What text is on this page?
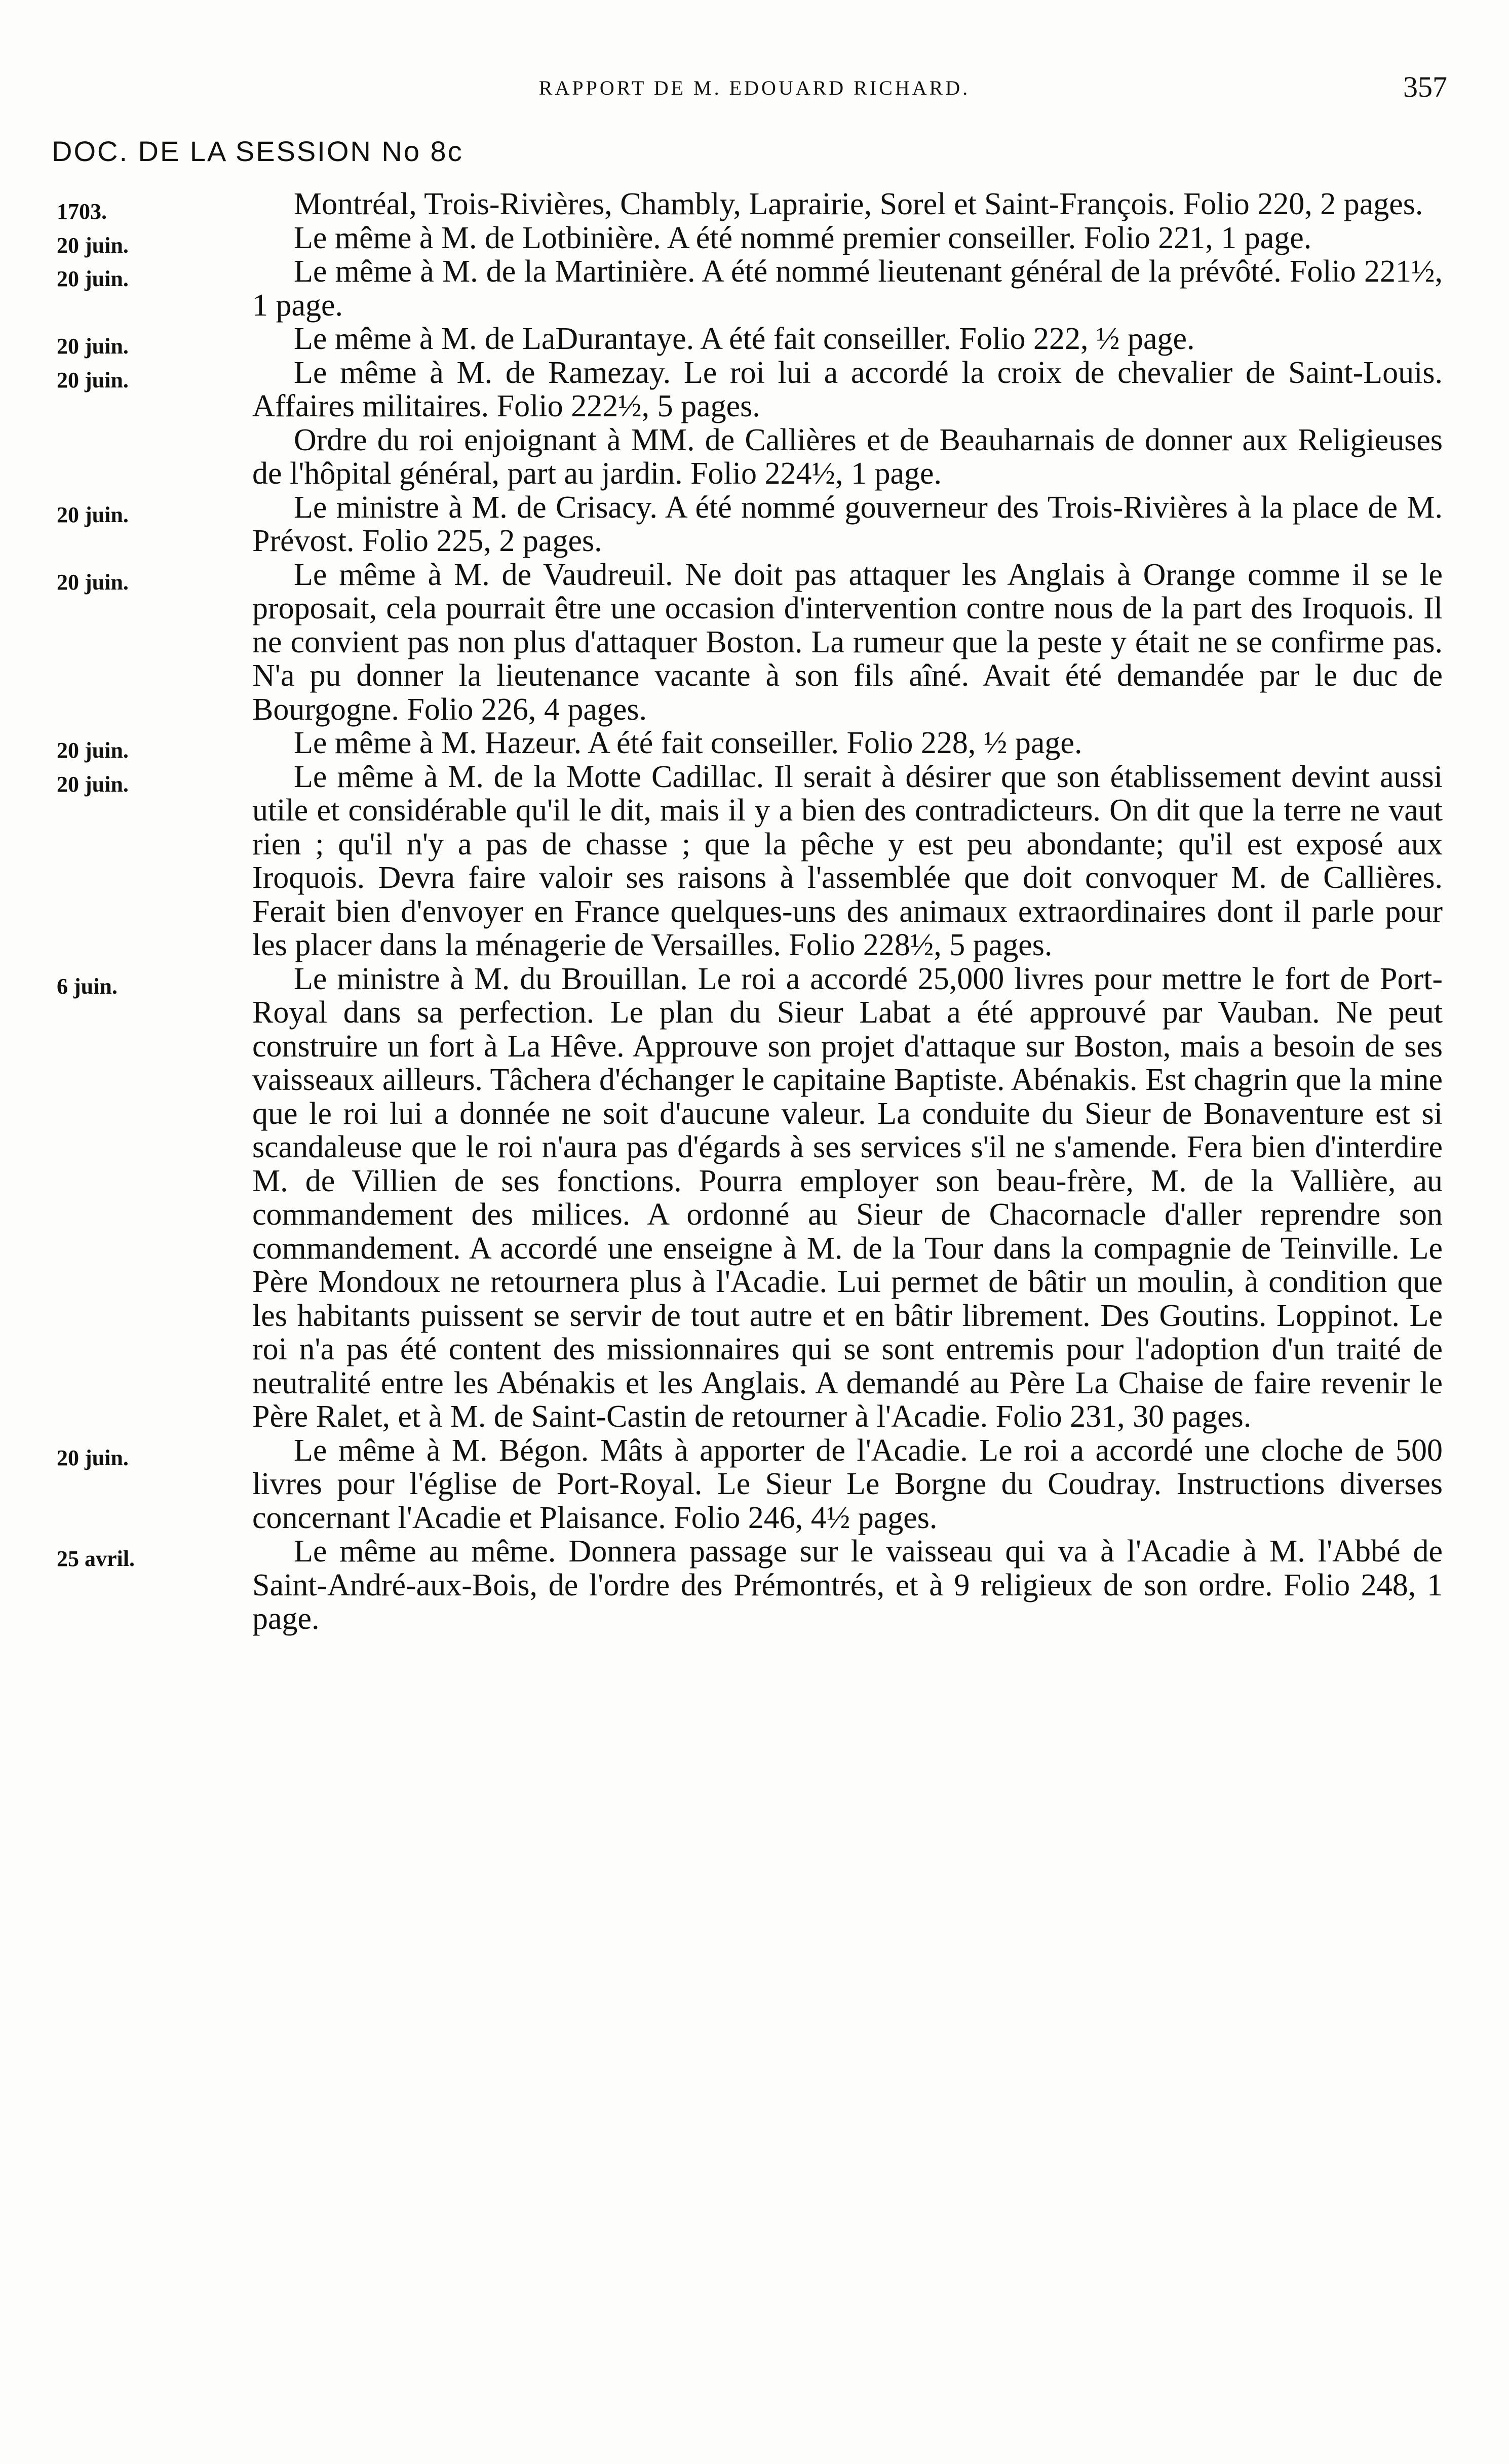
RAPPORT DE M. EDOUARD RICHARD.	357
DOC. DE LA SESSION No 8c
1703.	Montréal, Trois-Rivières, Chambly, Laprairie, Sorel et Saint-François. Folio 220, 2 pages.
20 juin.	Le même à M. de Lotbinière. A été nommé premier conseiller. Folio 221, 1 page.
20 juin.	Le même à M. de la Martinière. A été nommé lieutenant général de la prévôté. Folio 221½, 1 page.
20 juin.	Le même à M. de LaDurantaye. A été fait conseiller. Folio 222, ½ page.
20 juin.	Le même à M. de Ramezay. Le roi lui a accordé la croix de chevalier de Saint-Louis. Affaires militaires. Folio 222½, 5 pages.
Ordre du roi enjoignant à MM. de Callières et de Beauharnais de donner aux Religieuses de l'hôpital général, part au jardin. Folio 224½, 1 page.
20 juin.	Le ministre à M. de Crisacy. A été nommé gouverneur des Trois-Rivières à la place de M. Prévost. Folio 225, 2 pages.
20 juin.	Le même à M. de Vaudreuil. Ne doit pas attaquer les Anglais à Orange comme il se le proposait, cela pourrait être une occasion d'intervention contre nous de la part des Iroquois. Il ne convient pas non plus d'attaquer Boston. La rumeur que la peste y était ne se confirme pas. N'a pu donner la lieutenance vacante à son fils aîné. Avait été demandée par le duc de Bourgogne. Folio 226, 4 pages.
20 juin.	Le même à M. Hazeur. A été fait conseiller. Folio 228, ½ page.
20 juin.	Le même à M. de la Motte Cadillac. Il serait à désirer que son établissement devint aussi utile et considérable qu'il le dit, mais il y a bien des contradicteurs. On dit que la terre ne vaut rien ; qu'il n'y a pas de chasse ; que la pêche y est peu abondante; qu'il est exposé aux Iroquois. Devra faire valoir ses raisons à l'assemblée que doit convoquer M. de Callières. Ferait bien d'envoyer en France quelques-uns des animaux extraordinaires dont il parle pour les placer dans la ménagerie de Versailles. Folio 228½, 5 pages.
6 juin.	Le ministre à M. du Brouillan. Le roi a accordé 25,000 livres pour mettre le fort de Port-Royal dans sa perfection. Le plan du Sieur Labat a été approuvé par Vauban. Ne peut construire un fort à La Hêve. Approuve son projet d'attaque sur Boston, mais a besoin de ses vaisseaux ailleurs. Tâchera d'échanger le capitaine Baptiste. Abénakis. Est chagrin que la mine que le roi lui a donnée ne soit d'aucune valeur. La conduite du Sieur de Bonaventure est si scandaleuse que le roi n'aura pas d'égards à ses services s'il ne s'amende. Fera bien d'interdire M. de Villien de ses fonctions. Pourra employer son beau-frère, M. de la Vallière, au commandement des milices. A ordonné au Sieur de Chacornacle d'aller reprendre son commandement. A accordé une enseigne à M. de la Tour dans la compagnie de Teinville. Le Père Mondoux ne retournera plus à l'Acadie. Lui permet de bâtir un moulin, à condition que les habitants puissent se servir de tout autre et en bâtir librement. Des Goutins. Loppinot. Le roi n'a pas été content des missionnaires qui se sont entremis pour l'adoption d'un traité de neutralité entre les Abénakis et les Anglais. A demandé au Père La Chaise de faire revenir le Père Ralet, et à M. de Saint-Castin de retourner à l'Acadie. Folio 231, 30 pages.
20 juin.	Le même à M. Bégon. Mâts à apporter de l'Acadie. Le roi a accordé une cloche de 500 livres pour l'église de Port-Royal. Le Sieur Le Borgne du Coudray. Instructions diverses concernant l'Acadie et Plaisance. Folio 246, 4½ pages.
25 avril.	Le même au même. Donnera passage sur le vaisseau qui va à l'Acadie à M. l'Abbé de Saint-André-aux-Bois, de l'ordre des Prémontrés, et à 9 religieux de son ordre. Folio 248, 1 page.
